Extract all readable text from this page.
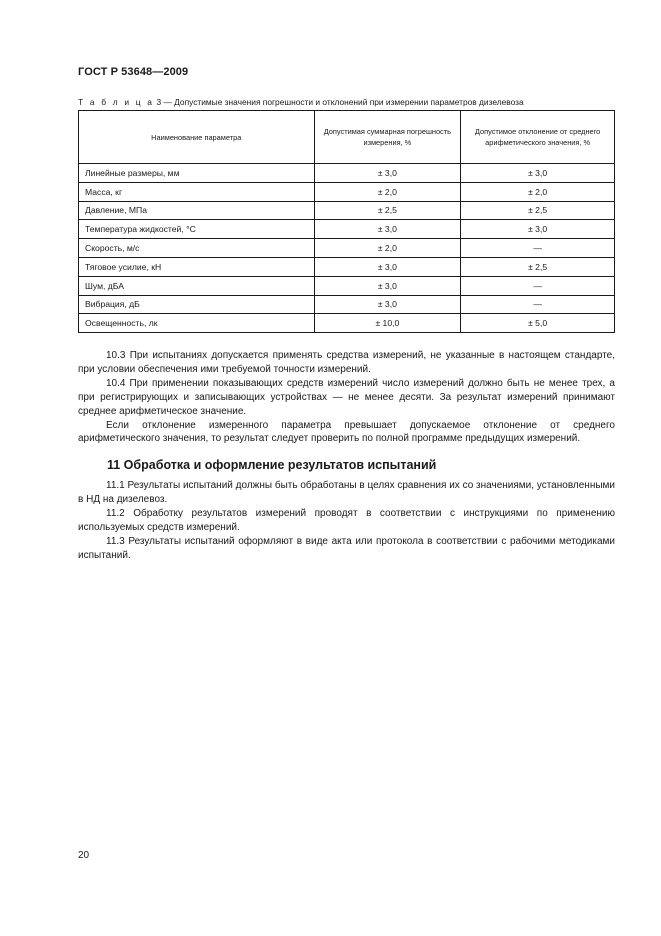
ГОСТ Р 53648—2009
Т а б л и ц а 3 — Допустимые значения погрешности и отклонений при измерении параметров дизелевоза
Наименование параметра	Допустимая суммарная погрешность измерения, %	Допустимое отклонение от среднего арифметического значения, %
Линейные размеры, мм	± 3,0	± 3,0
Масса, кг	± 2,0	± 2,0
Давление, МПа	± 2,5	± 2,5
Температура жидкостей, °С	± 3,0	± 3,0
Скорость, м/с	± 2,0	—
Тяговое усилие, кН	± 3,0	± 2,5
Шум, дБА	± 3,0	—
Вибрация, дБ	± 3,0	—
Освещенность, лк	± 10,0	± 5,0

10.3 При испытаниях допускается применять средства измерений, не указанные в настоящем стандарте, при условии обеспечения ими требуемой точности измерений.

10.4 При применении показывающих средств измерений число измерений должно быть не менее трех, а при регистрирующих и записывающих устройствах — не менее десяти. За результат измерений принимают среднее арифметическое значение.

Если отклонение измеренного параметра превышает допускаемое отклонение от среднего арифметического значения, то результат следует проверить по полной программе предыдущих измерений.

11 Обработка и оформление результатов испытаний

11.1 Результаты испытаний должны быть обработаны в целях сравнения их со значениями, установленными в НД на дизелевоз.

11.2 Обработку результатов измерений проводят в соответствии с инструкциями по применению используемых средств измерений.

11.3 Результаты испытаний оформляют в виде акта или протокола в соответствии с рабочими методиками испытаний.

20
